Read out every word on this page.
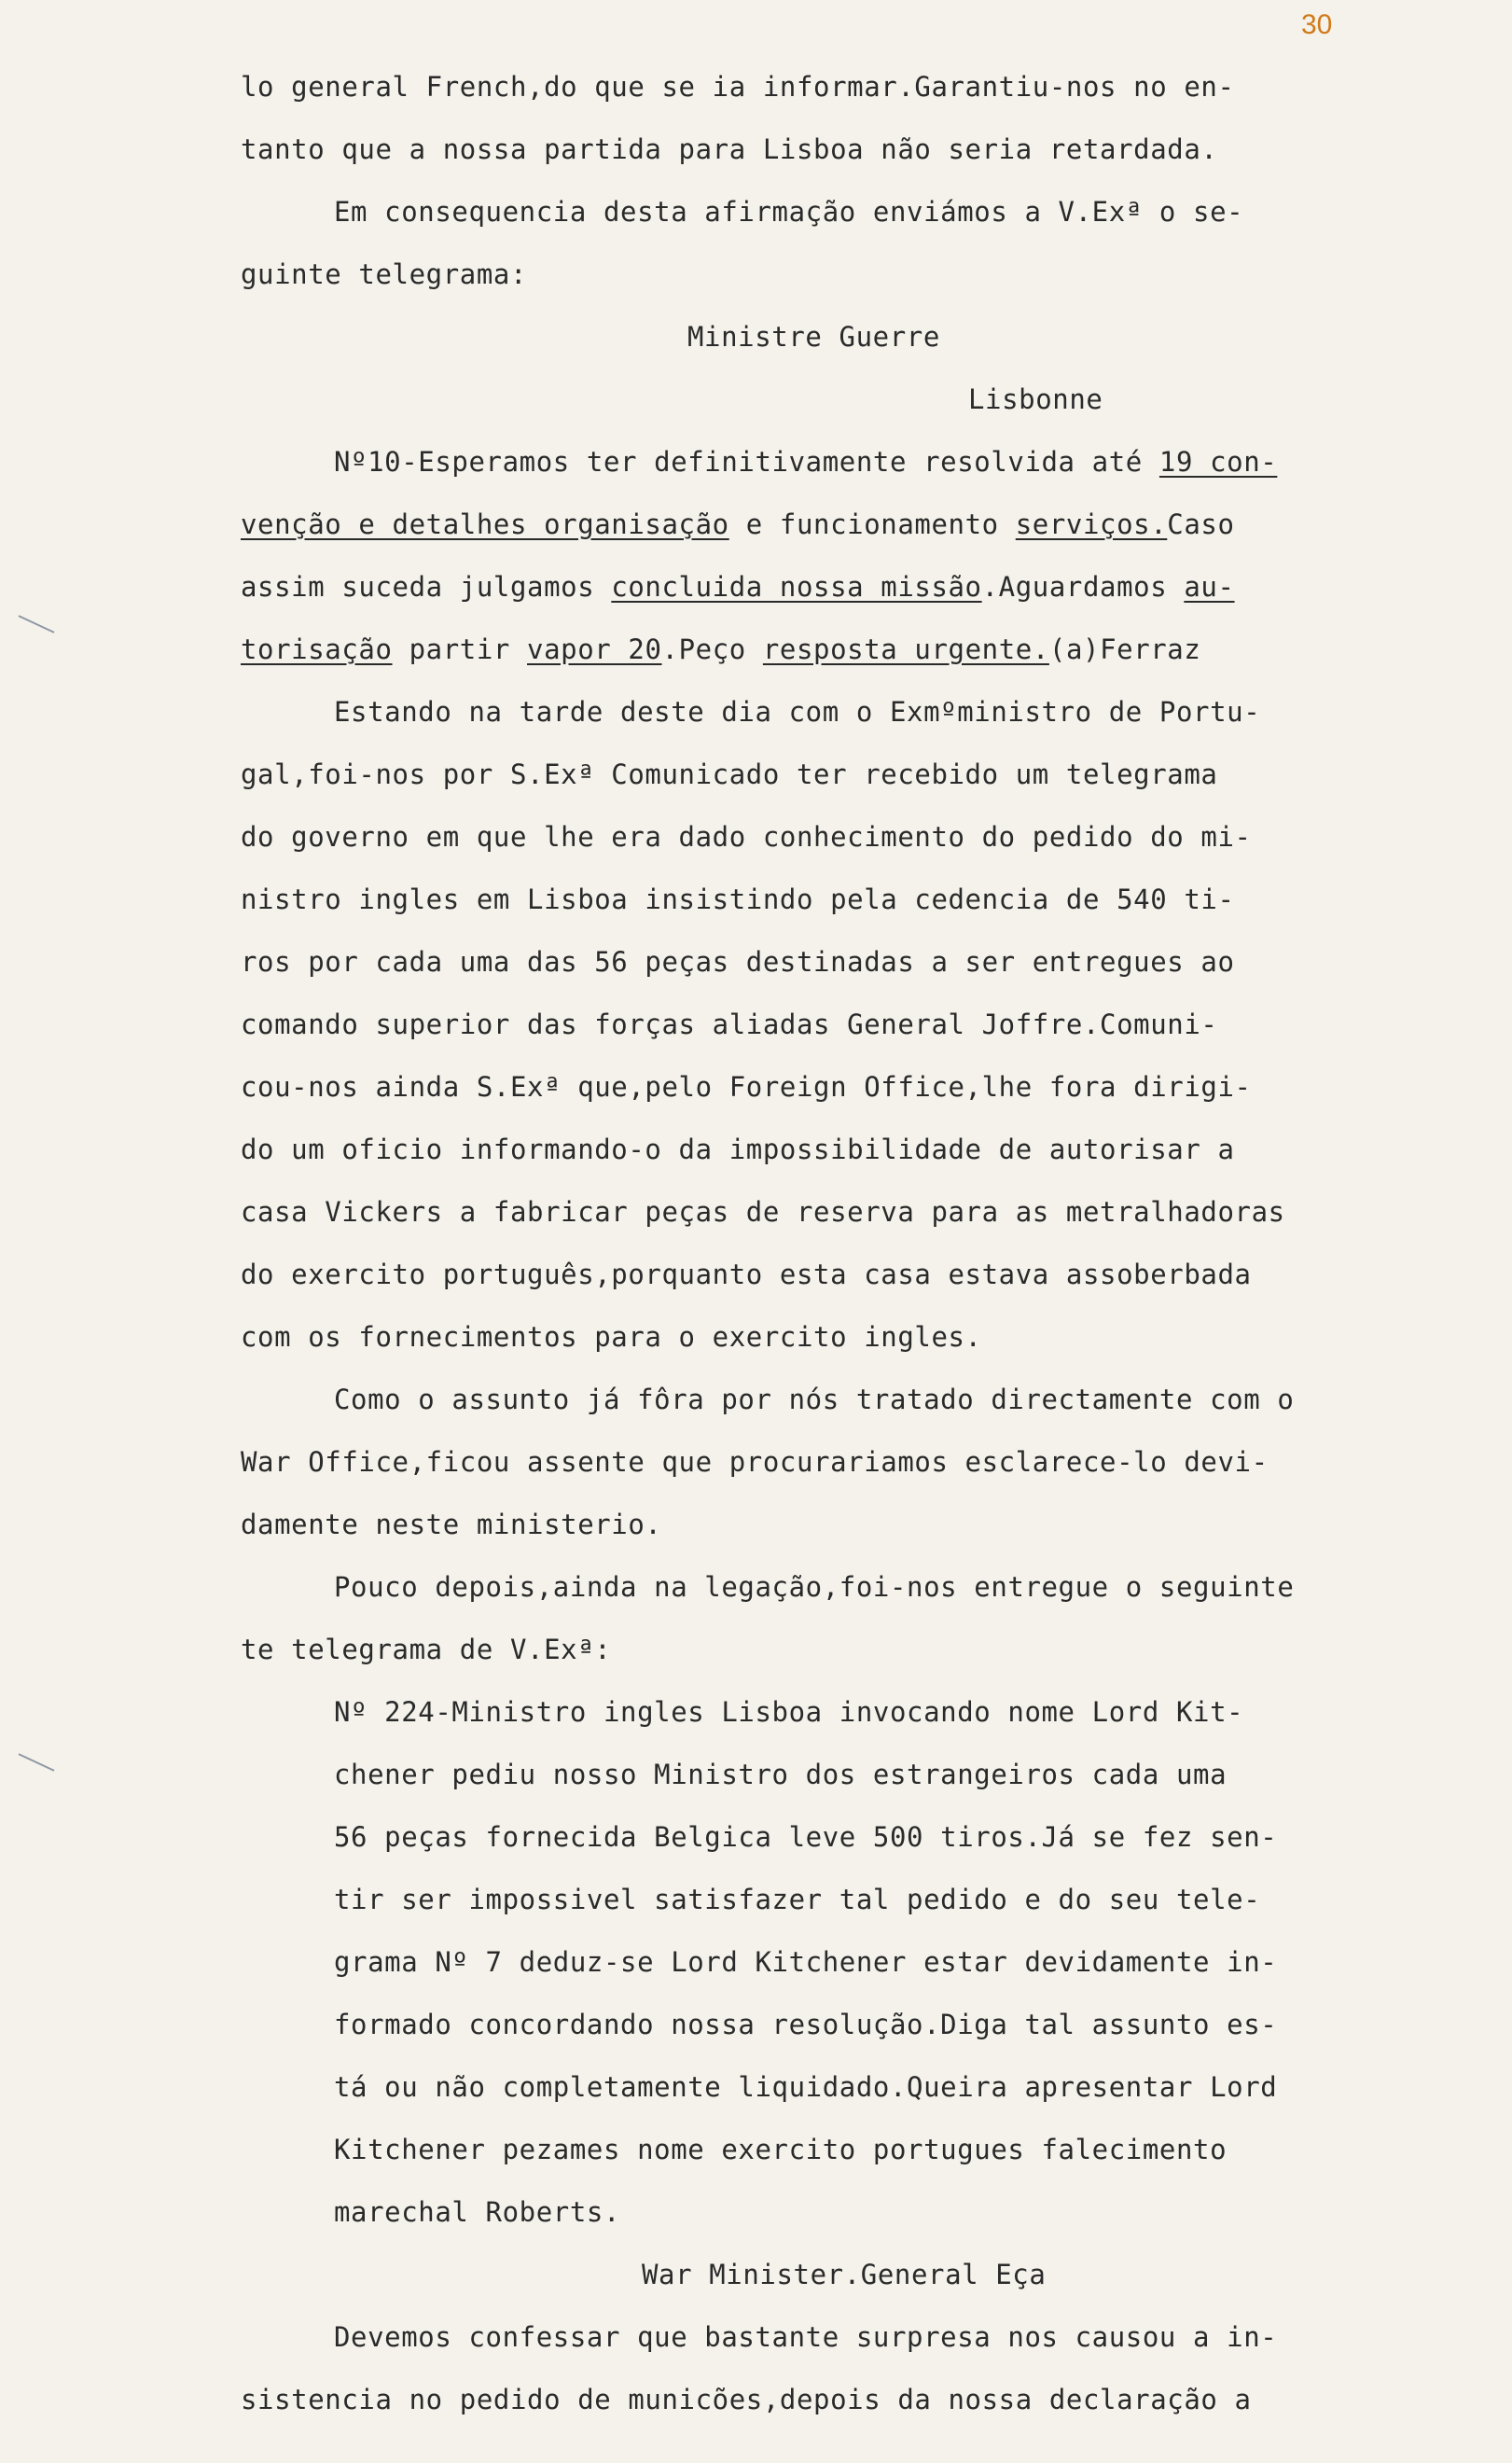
30
lo general French,do que se ia informar.Garantiu-nos no en-
tanto que a nossa partida para Lisboa não seria retardada.
Em consequencia desta afirmação enviámos a V.Exª o se-
guinte telegrama:
Ministre Guerre
Lisbonne
Nº10-Esperamos ter definitivamente resolvida até 19 con-
venção e detalhes organisação e funcionamento serviços.Caso
assim suceda julgamos concluida nossa missão.Aguardamos au-
torisação partir vapor 20.Peço resposta urgente.(a)Ferraz
Estando na tarde deste dia com o Exmºministro de Portu-
gal,foi-nos por S.Exª Comunicado ter recebido um telegrama
do governo em que lhe era dado conhecimento do pedido do mi-
nistro ingles em Lisboa insistindo pela cedencia de 540 ti-
ros por cada uma das 56 peças destinadas a ser entregues ao
comando superior das forças aliadas General Joffre.Comuni-
cou-nos ainda S.Exª que,pelo Foreign Office,lhe fora dirigi-
do um oficio informando-o da impossibilidade de autorisar a
casa Vickers a fabricar peças de reserva para as metralhadoras
do exercito português,porquanto esta casa estava assoberbada
com os fornecimentos para o exercito ingles.
Como o assunto já fôra por nós tratado directamente com o
War Office,ficou assente que procurariamos esclarece-lo devi-
damente neste ministerio.
Pouco depois,ainda na legação,foi-nos entregue o seguinte
te telegrama de V.Exª:
Nº 224-Ministro ingles Lisboa invocando nome Lord Kit-
chener pediu nosso Ministro dos estrangeiros cada uma
56 peças fornecida Belgica leve 500 tiros.Já se fez sen-
tir ser impossivel satisfazer tal pedido e do seu tele-
grama Nº 7 deduz-se Lord Kitchener estar devidamente in-
formado concordando nossa resolução.Diga tal assunto es-
tá ou não completamente liquidado.Queira apresentar Lord
Kitchener pezames nome exercito portugues falecimento
marechal Roberts.
War Minister.General Eça
Devemos confessar que bastante surpresa nos causou a in-
sistencia no pedido de municões,depois da nossa declaração a
